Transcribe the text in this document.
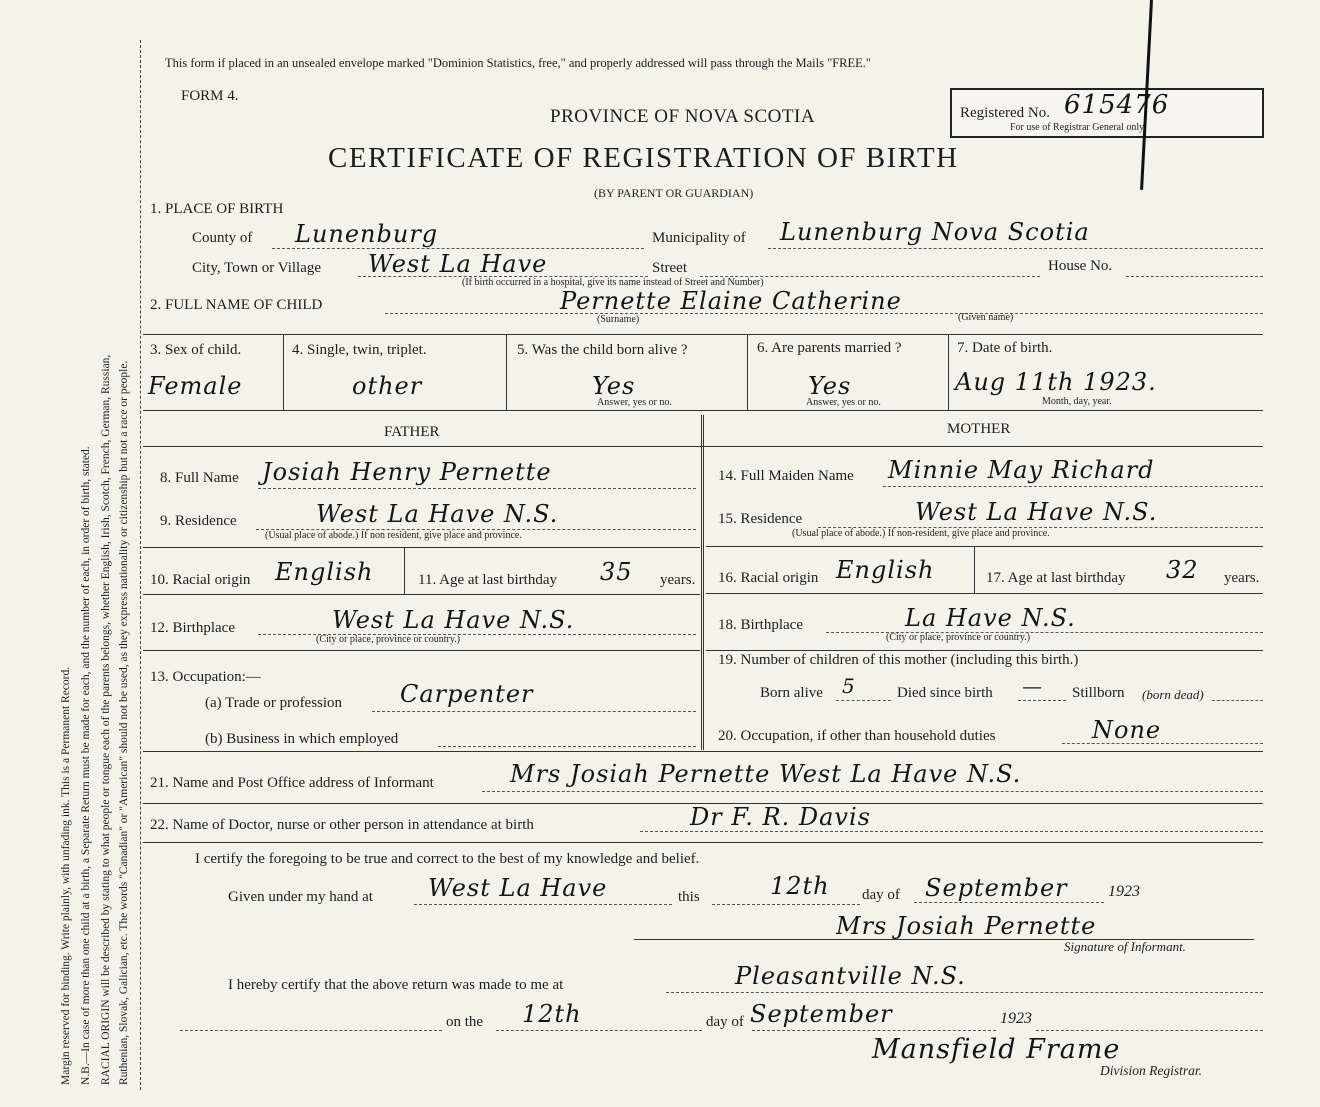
Margin reserved for binding. Write plainly, with unfading ink. This is a Permanent Record. N.B.—In case of more than one child at a birth, a Separate Return must be made for each, and the number of each, in order of birth, stated. RACIAL ORIGIN will be described by stating to what people or tongue each of the parents belongs, whether English, Irish, Scotch, French, German, Russian, Ruthenian, Slovak, Galician, etc. The words "Canadian" or "American" should not be used, as they express nationality or citizenship but not a race or people.
This form if placed in an unsealed envelope marked "Dominion Statistics, free," and properly addressed will pass through the Mails "FREE."
FORM 4.
PROVINCE OF NOVA SCOTIA
CERTIFICATE OF REGISTRATION OF BIRTH
(BY PARENT OR GUARDIAN)
Registered No. 615476
For use of Registrar General only.
1. PLACE OF BIRTH
County of Lunenburg	Municipality of Lunenburg Nova Scotia
City, Town or Village West La Have	Street	House No.
(If birth occurred in a hospital, give its name instead of Street and Number)
2. FULL NAME OF CHILD	Pernette Elaine Catherine
(Surname)	(Given name)
3. Sex of child.
Female
4. Single, twin, triplet.
other
5. Was the child born alive ?
Yes
Answer, yes or no.
6. Are parents married ?
Yes
Answer, yes or no.
7. Date of birth.
Aug 11th 1923.
Month, day, year.
FATHER	MOTHER
8. Full Name Josiah Henry Pernette	14. Full Maiden Name Minnie May Richard
9. Residence	West La Have N.S.
(Usual place of abode.) If non resident, give place and province.
15. Residence	West La Have N.S.
(Usual place of abode.) If non-resident, give place and province.
10. Racial origin English	11. Age at last birthday 35 years. 16. Racial origin English	17. Age at last birthday 32 years.
12. Birthplace	West La Have N.S.
(City or place, province or country.)
18. Birthplace	La Have N.S.
(City or place, province or country.)
13. Occupation:—
(a) Trade or profession Carpenter
(b) Business in which employed
19. Number of children of this mother (including this birth.)
Born alive 5	Died since birth — Stillborn (born dead)
20. Occupation, if other than household duties	None
21. Name and Post Office address of Informant	Mrs Josiah Pernette West La Have N.S.
22. Name of Doctor, nurse or other person in attendance at birth	Dr F. R. Davis
I certify the foregoing to be true and correct to the best of my knowledge and belief.
Given under my hand at West La Have	this	12th day of September	1923
Mrs Josiah Pernette
Signature of Informant.
I hereby certify that the above return was made to me at	Pleasantville N.S.
on the 12th	day of September	1923
Mansfield Frame
Division Registrar.
